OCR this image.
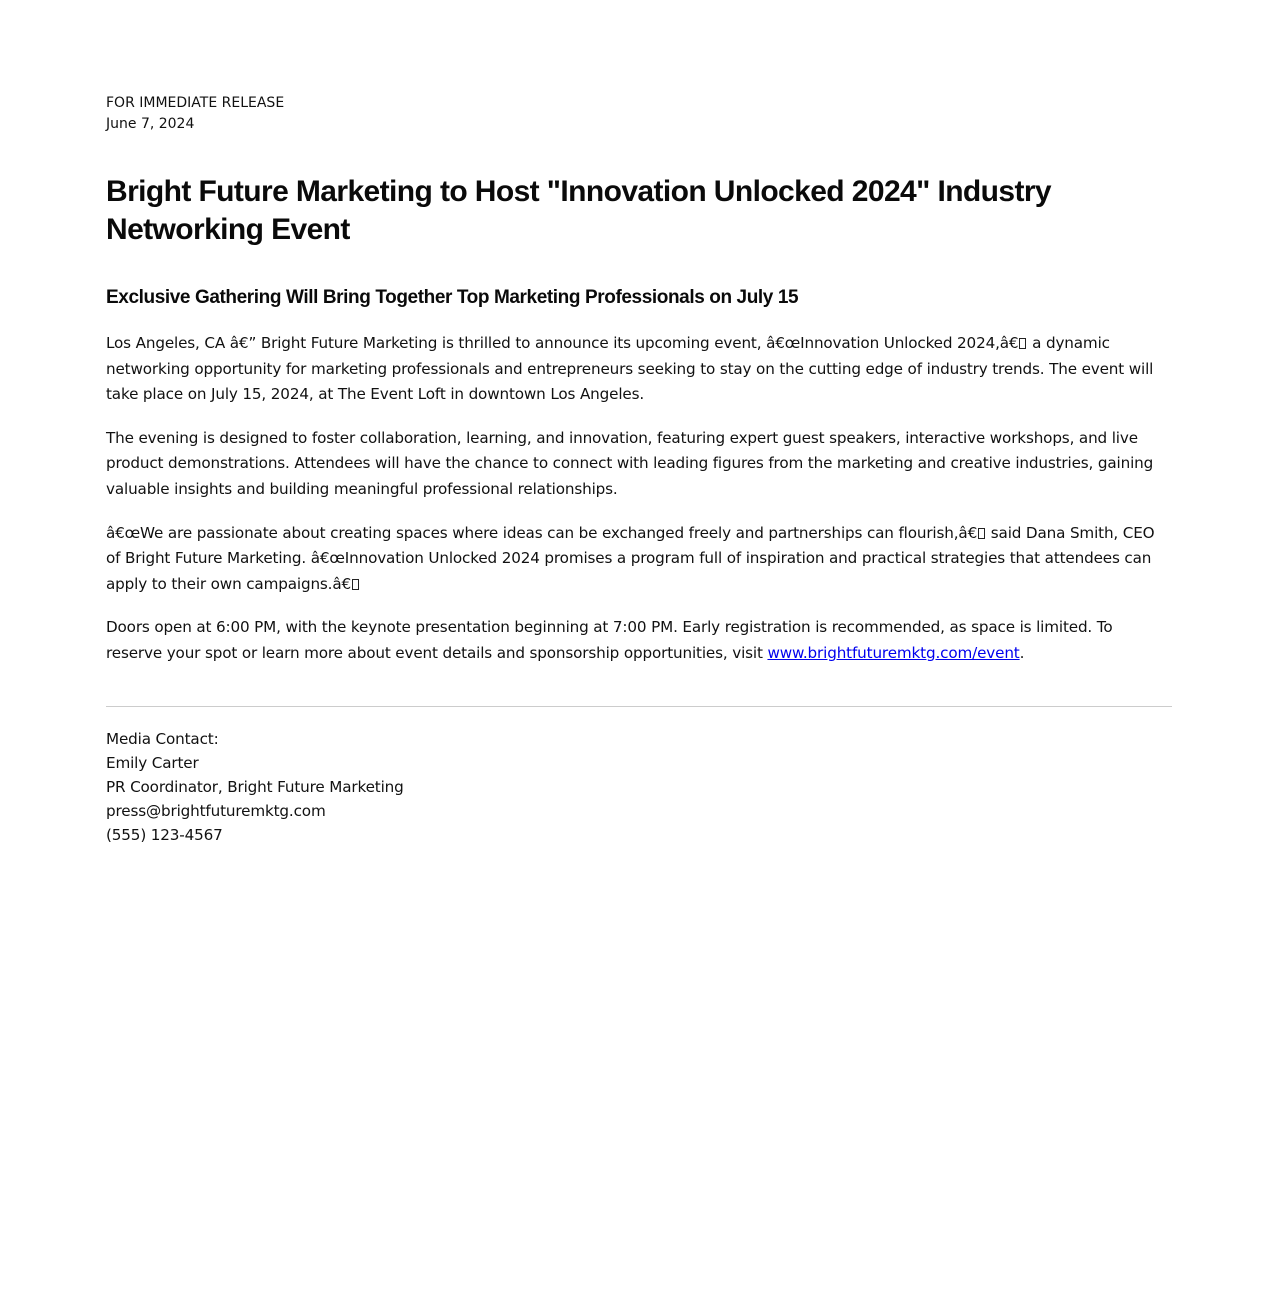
FOR IMMEDIATE RELEASE
June 7, 2024
Bright Future Marketing to Host "Innovation Unlocked 2024" Industry Networking Event
Exclusive Gathering Will Bring Together Top Marketing Professionals on July 15

Los Angeles, CA â€” Bright Future Marketing is thrilled to announce its upcoming event, â€œInnovation Unlocked 2024,â€ a dynamic networking opportunity for marketing professionals and entrepreneurs seeking to stay on the cutting edge of industry trends. The event will take place on July 15, 2024, at The Event Loft in downtown Los Angeles.

The evening is designed to foster collaboration, learning, and innovation, featuring expert guest speakers, interactive workshops, and live product demonstrations. Attendees will have the chance to connect with leading figures from the marketing and creative industries, gaining valuable insights and building meaningful professional relationships.

â€œWe are passionate about creating spaces where ideas can be exchanged freely and partnerships can flourish,â€ said Dana Smith, CEO of Bright Future Marketing. â€œInnovation Unlocked 2024 promises a program full of inspiration and practical strategies that attendees can apply to their own campaigns.â€

Doors open at 6:00 PM, with the keynote presentation beginning at 7:00 PM. Early registration is recommended, as space is limited. To reserve your spot or learn more about event details and sponsorship opportunities, visit www.brightfuturemktg.com/event.

Media Contact:
Emily Carter
PR Coordinator, Bright Future Marketing
press@brightfuturemktg.com
(555) 123-4567
